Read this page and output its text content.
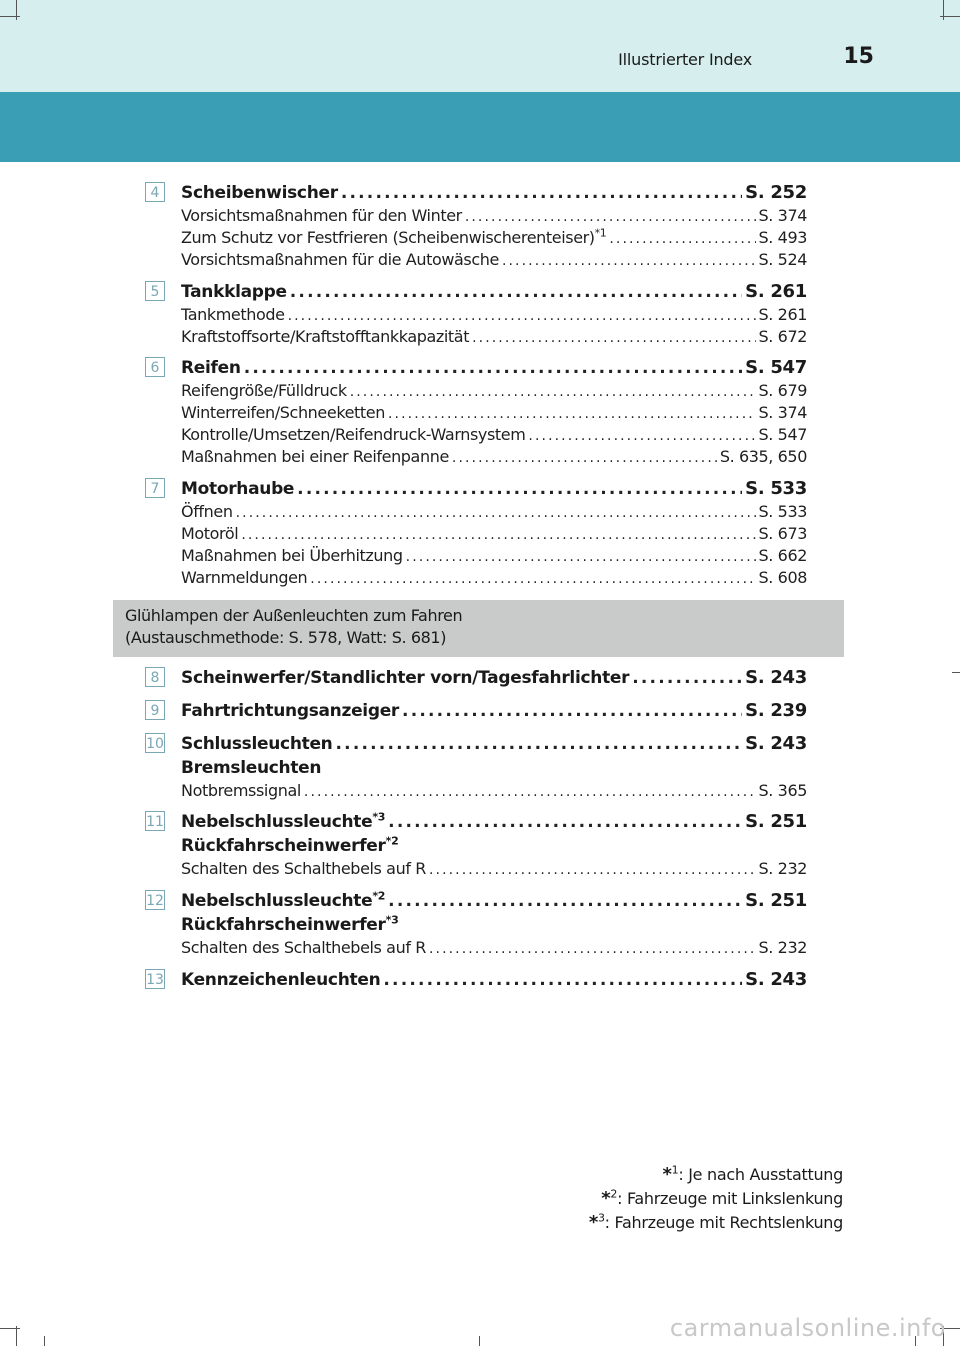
Illustrierter Index	15
4	Scheibenwischer .....	S. 252
Vorsichtsmaßnahmen für den Winter .....	S. 374
Zum Schutz vor Festfrieren (Scheibenwischerenteiser)$^{*1}$ .....	S. 493
Vorsichtsmaßnahmen für die Autowäsche .....	S. 524
5	Tankklappe .....	S. 261
Tankmethode .....	S. 261
Kraftstoffsorte/Kraftstofftankkapazität .....	S. 672
6	Reifen .....	S. 547
Reifengröße/Fülldruck .....	S. 679
Winterreifen/Schneeketten .....	S. 374
Kontrolle/Umsetzen/Reifendruck-Warnsystem .....	S. 547
Maßnahmen bei einer Reifenpanne .....	S. 635, 650
7	Motorhaube .....	S. 533
Öffnen .....	S. 533
Motoröl .....	S. 673
Maßnahmen bei Überhitzung .....	S. 662
Warnmeldungen .....	S. 608
Glühlampen der Außenleuchten zum Fahren
(Austauschmethode: S. 578, Watt: S. 681)
8	Scheinwerfer/Standlichter vorn/Tagesfahrlichter .....	S. 243
9	Fahrtrichtungsanzeiger .....	S. 239
10 Schlussleuchten .....	S. 243
Bremsleuchten
Notbremssignal .....	S. 365
11 Nebelschlussleuchte$^{*3}$ .....	S. 251
Rückfahrscheinwerfer$^{*2}$
Schalten des Schalthebels auf R .....	S. 232
12 Nebelschlussleuchte$^{*2}$ .....	S. 251
Rückfahrscheinwerfer$^{*3}$
Schalten des Schalthebels auf R .....	S. 232
13 Kennzeichenleuchten .....	S. 243
*$^1$: Je nach Ausstattung
*$^2$: Fahrzeuge mit Linkslenkung
*$^3$: Fahrzeuge mit Rechtslenkung
carmanualsonline.info
